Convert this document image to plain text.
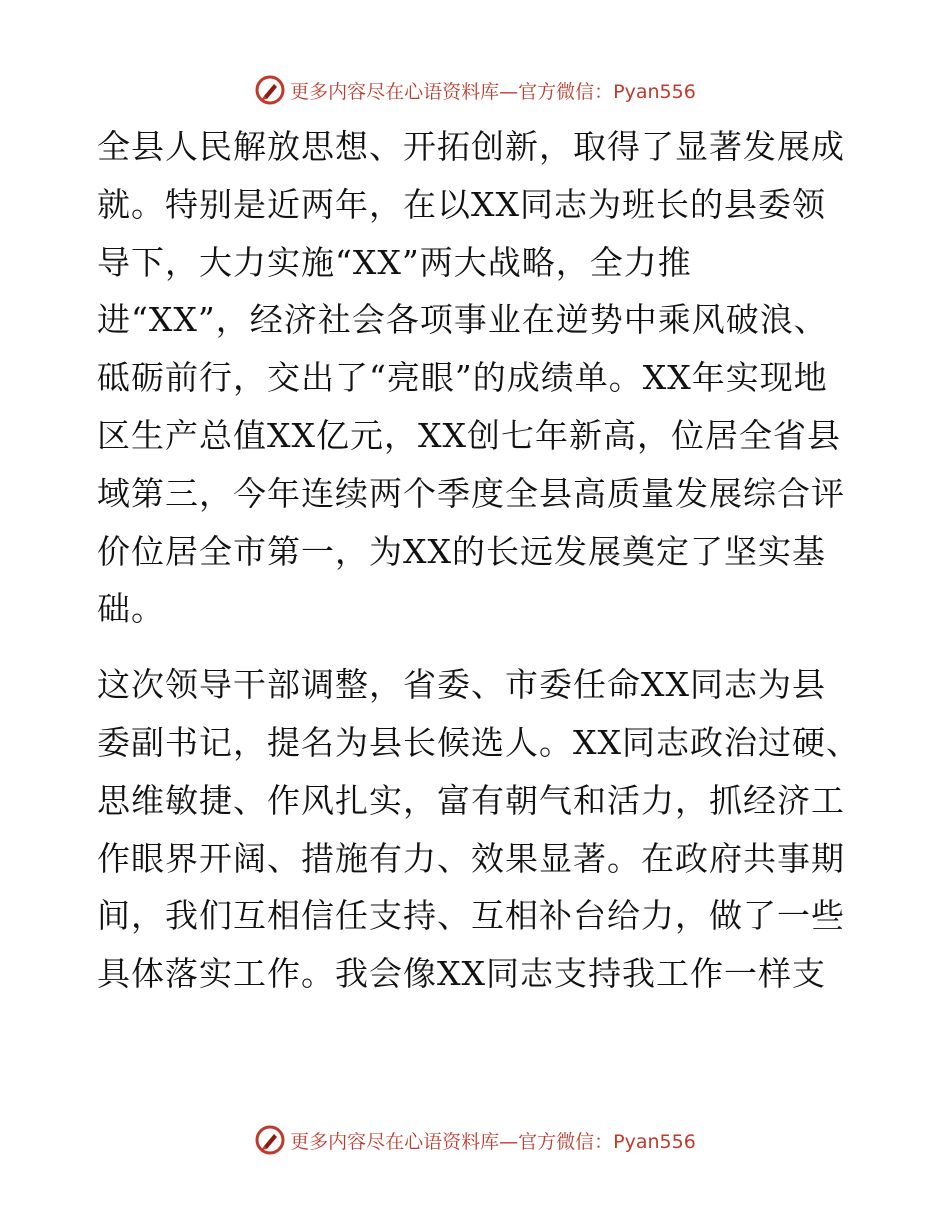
更多内容尽在心语资料库—官方微信：Pyan556
全县人民解放思想、开拓创新，取得了显著发展成
就。特别是近两年，在以XX同志为班长的县委领
导下，大力实施“XX”两大战略，全力推
进“XX”，经济社会各项事业在逆势中乘风破浪、
砥砺前行，交出了“亮眼”的成绩单。XX年实现地
区生产总值XX亿元，XX创七年新高，位居全省县
域第三，今年连续两个季度全县高质量发展综合评
价位居全市第一，为XX的长远发展奠定了坚实基
础。
这次领导干部调整，省委、市委任命XX同志为县
委副书记，提名为县长候选人。XX同志政治过硬、
思维敏捷、作风扎实，富有朝气和活力，抓经济工
作眼界开阔、措施有力、效果显著。在政府共事期
间，我们互相信任支持、互相补台给力，做了一些
具体落实工作。我会像XX同志支持我工作一样支
更多内容尽在心语资料库—官方微信：Pyan556
